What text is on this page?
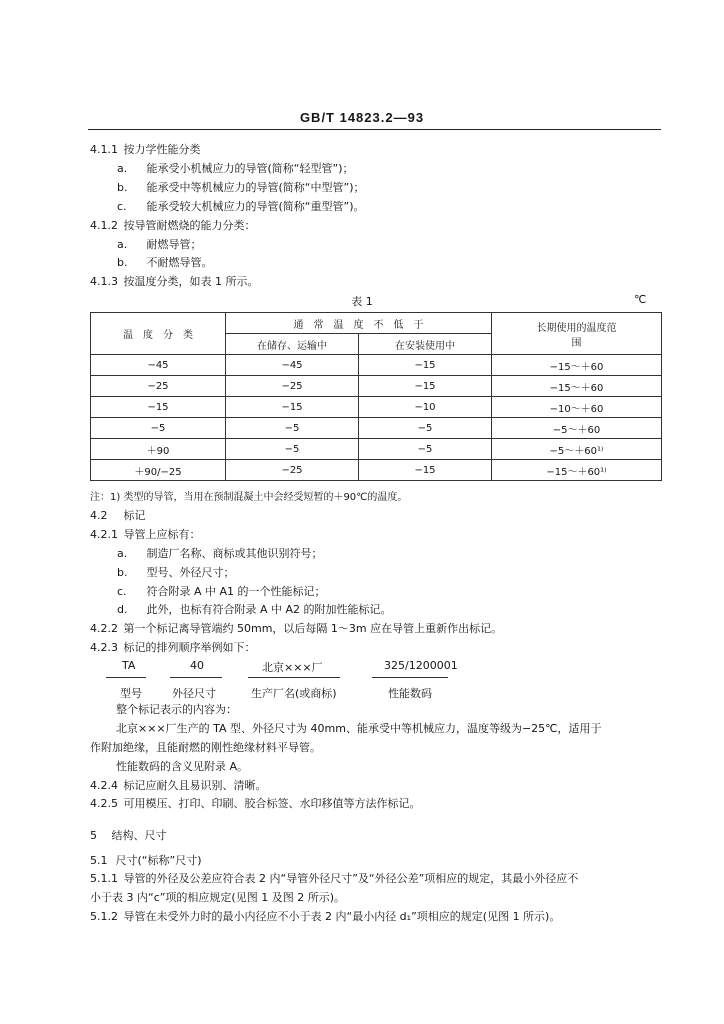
GB/T 14823.2—93
4.1.1 按力学性能分类
a. 能承受小机械应力的导管(简称“轻型管”)；
b. 能承受中等机械应力的导管(简称“中型管”)；
c. 能承受较大机械应力的导管(简称“重型管”)。
4.1.2 按导管耐燃烧的能力分类：
a. 耐燃导管；
b. 不耐燃导管。
4.1.3 按温度分类，如表 1 所示。
表 1	℃
温　度　分　类	通　常　温　度　不　低　于		长期使用的温度范围
	在储存、运输中	在安装使用中	
−45	−45	−15	−15～＋60
−25	−25	−15	−15～＋60
−15	−15	−10	−10～＋60
−5	−5	−5	−5～＋60
＋90	−5	−5	−5～＋60¹⁾
＋90/−25	−25	−15	−15～＋60¹⁾
注：1) 类型的导管，当用在预制混凝土中会经受短暂的＋90℃的温度。
4.2 标记
4.2.1 导管上应标有：
a. 制造厂名称、商标或其他识别符号；
b. 型号、外径尺寸；
c. 符合附录 A 中 A1 的一个性能标记；
d. 此外，也标有符合附录 A 中 A2 的附加性能标记。
4.2.2 第一个标记离导管端约 50mm，以后每隔 1～3m 应在导管上重新作出标记。
4.2.3 标记的排列顺序举例如下：
TA	40	北京×××厂	325/1200001
型号	外径尺寸	生产厂名(或商标)	性能数码
整个标记表示的内容为：
北京×××厂生产的 TA 型、外径尺寸为 40mm、能承受中等机械应力，温度等级为−25℃，适用于
作附加绝缘，且能耐燃的刚性绝缘材料平导管。
性能数码的含义见附录 A。
4.2.4 标记应耐久且易识别、清晰。
4.2.5 可用模压、打印、印刷、胶合标签、水印移值等方法作标记。
5 结构、尺寸
5.1 尺寸(“标称”尺寸)
5.1.1 导管的外径及公差应符合表 2 内“导管外径尺寸”及“外径公差”项相应的规定，其最小外径应不
小于表 3 内“c”项的相应规定(见图 1 及图 2 所示)。
5.1.2 导管在未受外力时的最小内径应不小于表 2 内“最小内径 d₁”项相应的规定(见图 1 所示)。
